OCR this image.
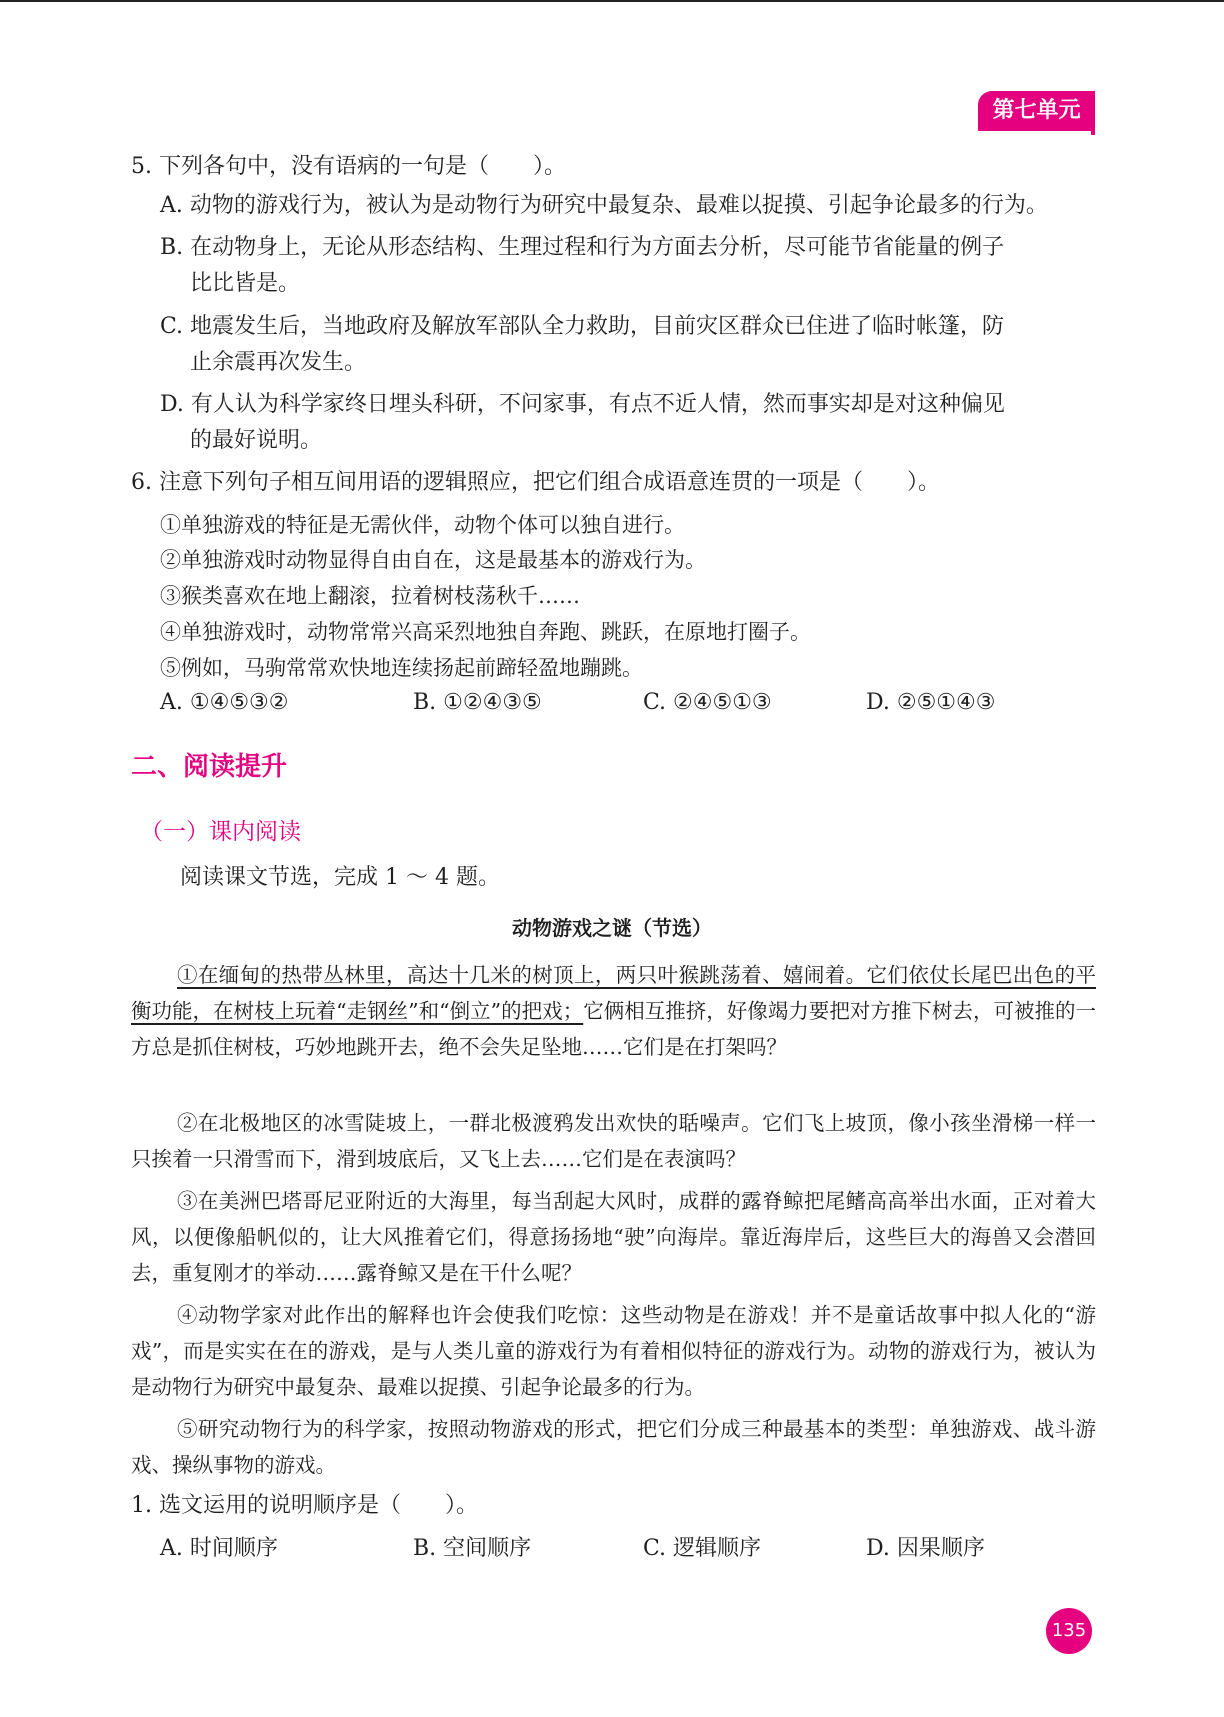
第七单元
5. 下列各句中，没有语病的一句是（　　）。
A. 动物的游戏行为，被认为是动物行为研究中最复杂、最难以捉摸、引起争论最多的行为。
B. 在动物身上，无论从形态结构、生理过程和行为方面去分析，尽可能节省能量的例子
比比皆是。
C. 地震发生后，当地政府及解放军部队全力救助，目前灾区群众已住进了临时帐篷，防
止余震再次发生。
D. 有人认为科学家终日埋头科研，不问家事，有点不近人情，然而事实却是对这种偏见
的最好说明。
6. 注意下列句子相互间用语的逻辑照应，把它们组合成语意连贯的一项是（　　）。
①单独游戏的特征是无需伙伴，动物个体可以独自进行。
②单独游戏时动物显得自由自在，这是最基本的游戏行为。
③猴类喜欢在地上翻滚，拉着树枝荡秋千……
④单独游戏时，动物常常兴高采烈地独自奔跑、跳跃，在原地打圈子。
⑤例如，马驹常常欢快地连续扬起前蹄轻盈地蹦跳。
A. ①④⑤③②	B. ①②④③⑤	C. ②④⑤①③	D. ②⑤①④③
二、阅读提升
（一）课内阅读
阅读课文节选，完成 1 ～ 4 题。
动物游戏之谜（节选）
①在缅甸的热带丛林里，高达十几米的树顶上，两只叶猴跳荡着、嬉闹着。它们依仗长尾巴出色的平衡功能，在树枝上玩着“走钢丝”和“倒立”的把戏；它俩相互推挤，好像竭力要把对方推下树去，可被推的一方总是抓住树枝，巧妙地跳开去，绝不会失足坠地……它们是在打架吗？
②在北极地区的冰雪陡坡上，一群北极渡鸦发出欢快的聒噪声。它们飞上坡顶，像小孩坐滑梯一样一只挨着一只滑雪而下，滑到坡底后，又飞上去……它们是在表演吗？
③在美洲巴塔哥尼亚附近的大海里，每当刮起大风时，成群的露脊鲸把尾鳍高高举出水面，正对着大风，以便像船帆似的，让大风推着它们，得意扬扬地“驶”向海岸。靠近海岸后，这些巨大的海兽又会潜回去，重复刚才的举动……露脊鲸又是在干什么呢？
④动物学家对此作出的解释也许会使我们吃惊：这些动物是在游戏！并不是童话故事中拟人化的“游戏”，而是实实在在的游戏，是与人类儿童的游戏行为有着相似特征的游戏行为。动物的游戏行为，被认为是动物行为研究中最复杂、最难以捉摸、引起争论最多的行为。
⑤研究动物行为的科学家，按照动物游戏的形式，把它们分成三种最基本的类型：单独游戏、战斗游戏、操纵事物的游戏。
1. 选文运用的说明顺序是（　　）。
A. 时间顺序	B. 空间顺序	C. 逻辑顺序	D. 因果顺序
135
